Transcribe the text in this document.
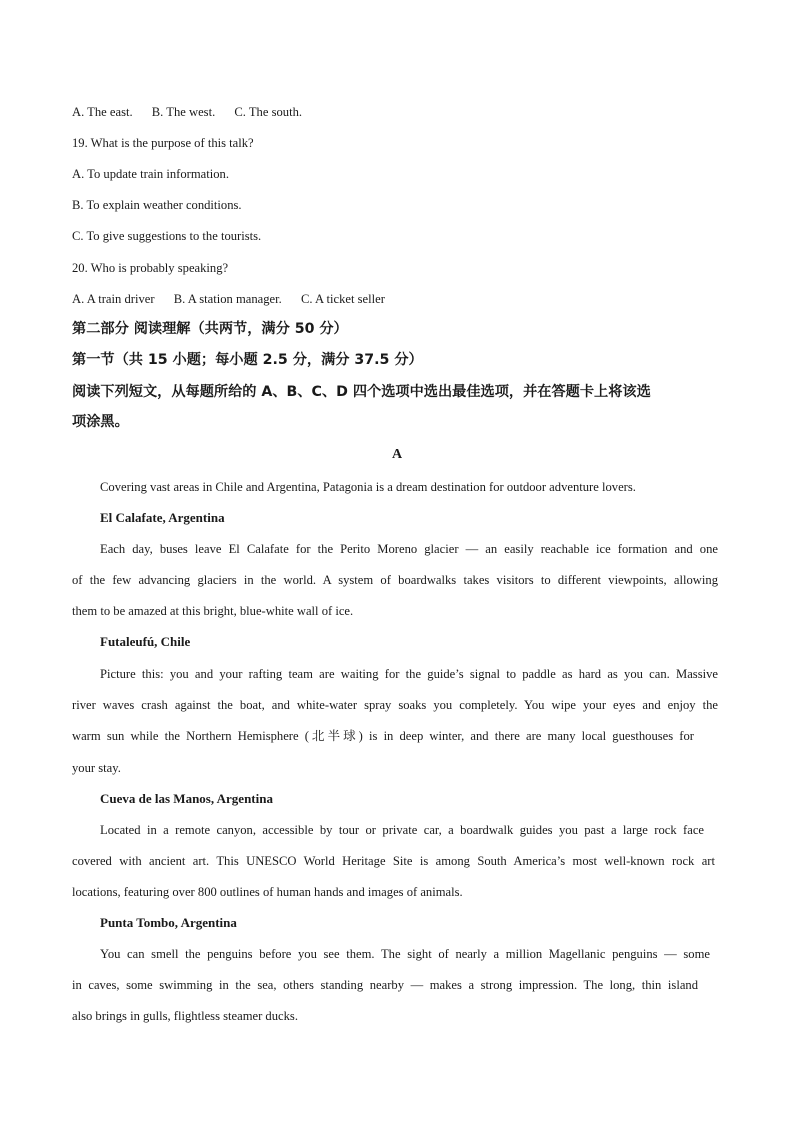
A. The east. B. The west. C. The south.
19. What is the purpose of this talk?
A. To update train information.
B. To explain weather conditions.
C. To give suggestions to the tourists.
20. Who is probably speaking?
A. A train driver B. A station manager. C. A ticket seller
第二部分 阅读理解（共两节，满分 50 分）
第一节（共 15 小题；每小题 2.5 分，满分 37.5 分）
阅读下列短文，从每题所给的 A、B、C、D 四个选项中选出最佳选项，并在答题卡上将该选
项涂黑。
A
Covering vast areas in Chile and Argentina, Patagonia is a dream destination for outdoor adventure lovers.
El Calafate, Argentina
Each day, buses leave El Calafate for the Perito Moreno glacier — an easily reachable ice formation and one
of the few advancing glaciers in the world. A system of boardwalks takes visitors to different viewpoints, allowing
them to be amazed at this bright, blue-white wall of ice.
Futaleufú, Chile
Picture this: you and your rafting team are waiting for the guide’s signal to paddle as hard as you can. Massive
river waves crash against the boat, and white-water spray soaks you completely. You wipe your eyes and enjoy the
warm sun while the Northern Hemisphere (北半球) is in deep winter, and there are many local guesthouses for
your stay.
Cueva de las Manos, Argentina
Located in a remote canyon, accessible by tour or private car, a boardwalk guides you past a large rock face
covered with ancient art. This UNESCO World Heritage Site is among South America’s most well-known rock art
locations, featuring over 800 outlines of human hands and images of animals.
Punta Tombo, Argentina
You can smell the penguins before you see them. The sight of nearly a million Magellanic penguins — some
in caves, some swimming in the sea, others standing nearby — makes a strong impression. The long, thin island
also brings in gulls, flightless steamer ducks.
